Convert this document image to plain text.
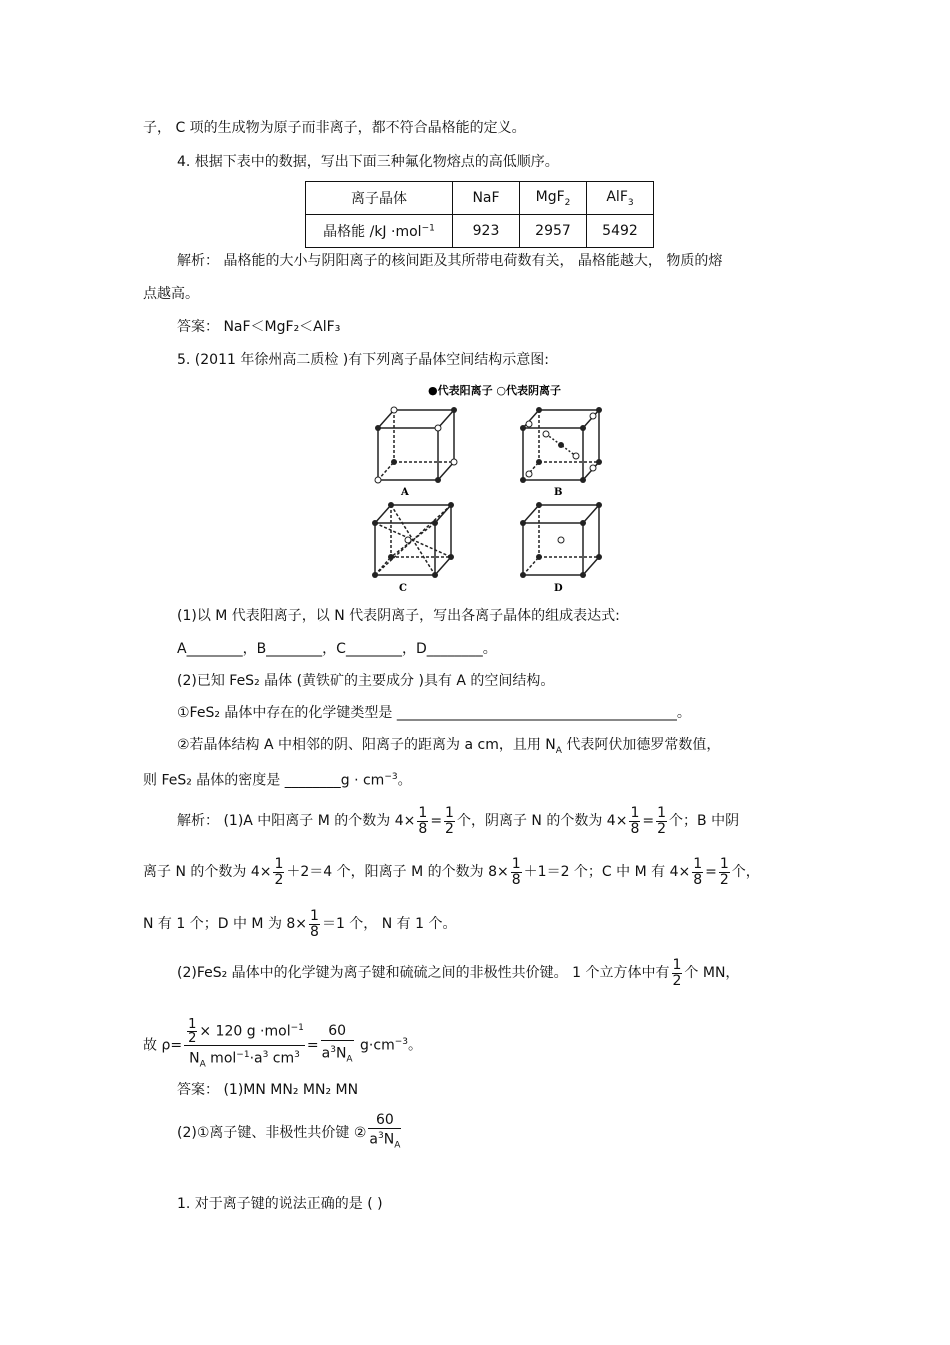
子， C 项的生成物为原子而非离子，都不符合晶格能的定义。
4. 根据下表中的数据，写出下面三种氟化物熔点的高低顺序。
离子晶体	NaF	MgF$_2$	AlF$_3$
晶格能 /kJ ·mol$^{-1}$	923	2957	5492
解析： 晶格能的大小与阴阳离子的核间距及其所带电荷数有关， 晶格能越大， 物质的熔
点越高。
答案： NaF＜MgF₂＜AlF₃
5. (2011 年徐州高二质检 )有下列离子晶体空间结构示意图:
●代表阳离子 ○代表阴离子
A	B
C	D
(1)以 M 代表阳离子，以 N 代表阴离子，写出各离子晶体的组成表达式:
A________，B________，C________，D________。
(2)已知 FeS₂ 晶体 (黄铁矿的主要成分 )具有 A 的空间结构。
①FeS₂ 晶体中存在的化学键类型是 ________________________________________。
②若晶体结构 A 中相邻的阴、阳离子的距离为 a cm，且用 $N_A$ 代表阿伏加德罗常数值，
则 FeS₂ 晶体的密度是 ________g · $cm^{-3}$。
解析： (1)A 中阳离子 M 的个数为 $4\times \frac{1}{8} = \frac{1}{2}$ 个，阴离子 N 的个数为 $4\times \frac{1}{8} = \frac{1}{2}$ 个；B 中阴
离子 N 的个数为 $4\times \frac{1}{2} +2=4$ 个，阳离子 M 的个数为 $8\times \frac{1}{8} +1=2$ 个；C 中 M 有 $4\times \frac{1}{8} = \frac{1}{2}$ 个，
N 有 1 个；D 中 M 为 $8\times \frac{1}{8} =1$ 个， N 有 1 个。
(2)FeS₂ 晶体中的化学键为离子键和硫硫之间的非极性共价键。 1 个立方体中有 $\frac{1}{2}$ 个 MN，
故 $\rho= \frac{\frac{1}{2} \times 120 g \cdot mol^{-1}}{N_A mol^{-1}\cdot a^3 cm^3} = \frac{60}{a^3N_A} g\cdot cm^{-3}$。
答案： (1)MN MN₂ MN₂ MN
(2)①离子键、非极性共价键 ② $\frac{60}{a^3N_A}$
1. 对于离子键的说法正确的是 ( )
